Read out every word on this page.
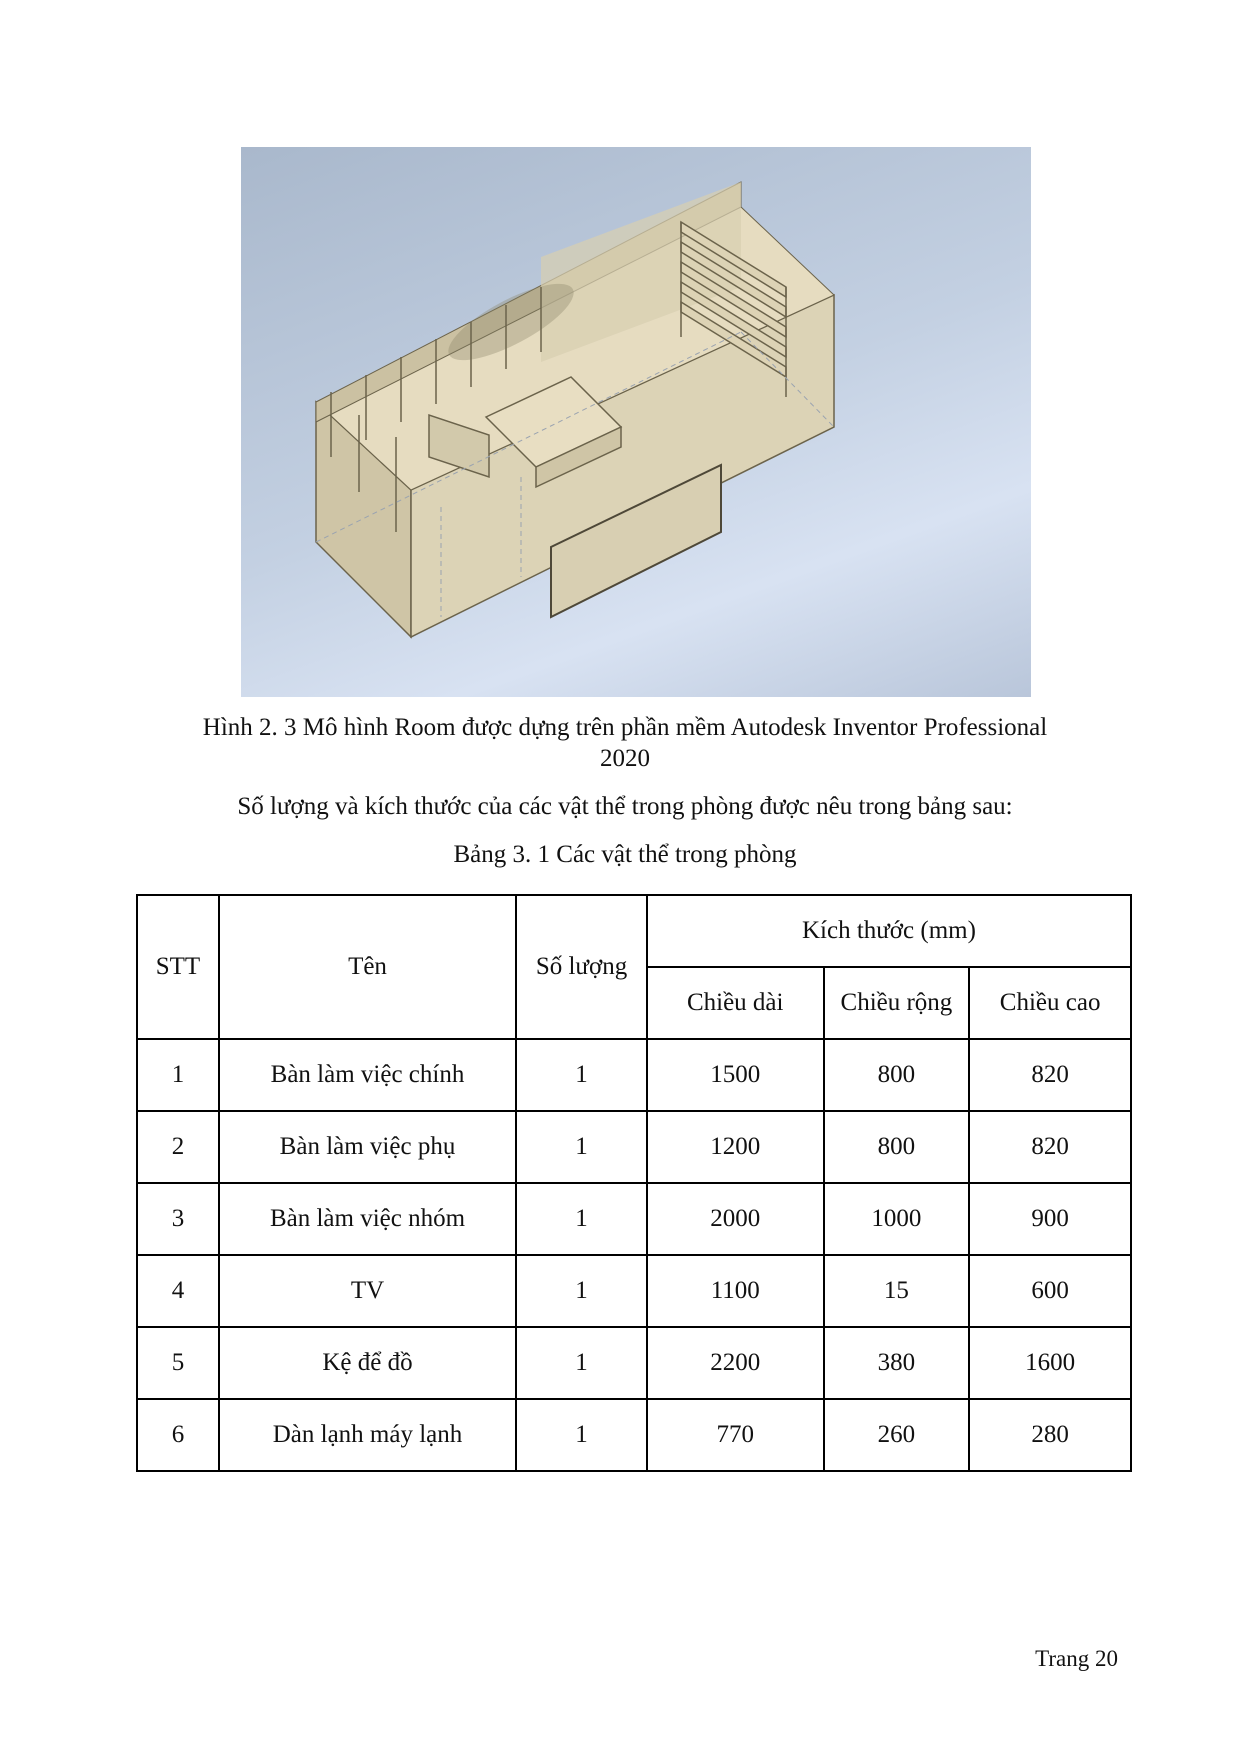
Hình 2. 3 Mô hình Room được dựng trên phần mềm Autodesk Inventor Professional
2020
Số lượng và kích thước của các vật thể trong phòng được nêu trong bảng sau:
Bảng 3. 1 Các vật thể trong phòng
STT	Tên	Số lượng	Kích thước (mm)		
			Chiều dài	Chiều rộng	Chiều cao
1	Bàn làm việc chính	1	1500	800	820
2	Bàn làm việc phụ	1	1200	800	820
3	Bàn làm việc nhóm	1	2000	1000	900
4	TV	1	1100	15	600
5	Kệ để đồ	1	2200	380	1600
6	Dàn lạnh máy lạnh	1	770	260	280
Trang 20
